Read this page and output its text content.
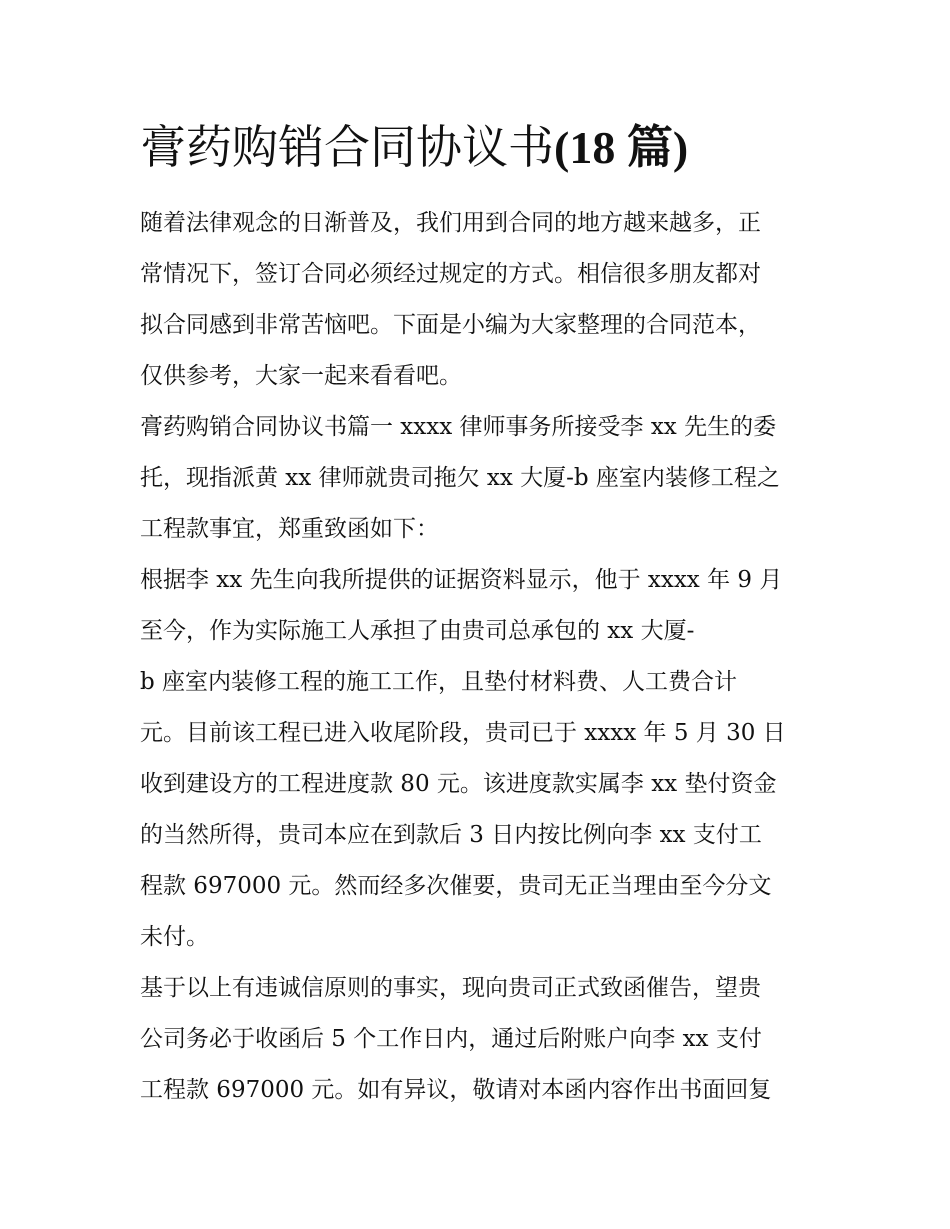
膏药购销合同协议书(18 篇)
随着法律观念的日渐普及，我们用到合同的地方越来越多，正
常情况下，签订合同必须经过规定的方式。相信很多朋友都对
拟合同感到非常苦恼吧。下面是小编为大家整理的合同范本，
仅供参考，大家一起来看看吧。
膏药购销合同协议书篇一 xxxx 律师事务所接受李 xx 先生的委
托，现指派黄 xx 律师就贵司拖欠 xx 大厦-b 座室内装修工程之
工程款事宜，郑重致函如下：
根据李 xx 先生向我所提供的证据资料显示，他于 xxxx 年 9 月
至今，作为实际施工人承担了由贵司总承包的 xx 大厦-
b 座室内装修工程的施工工作，且垫付材料费、人工费合计
元。目前该工程已进入收尾阶段，贵司已于 xxxx 年 5 月 30 日
收到建设方的工程进度款 80 元。该进度款实属李 xx 垫付资金
的当然所得，贵司本应在到款后 3 日内按比例向李 xx 支付工
程款 697000 元。然而经多次催要，贵司无正当理由至今分文
未付。
基于以上有违诚信原则的事实，现向贵司正式致函催告，望贵
公司务必于收函后 5 个工作日内，通过后附账户向李 xx 支付
工程款 697000 元。如有异议，敬请对本函内容作出书面回复
